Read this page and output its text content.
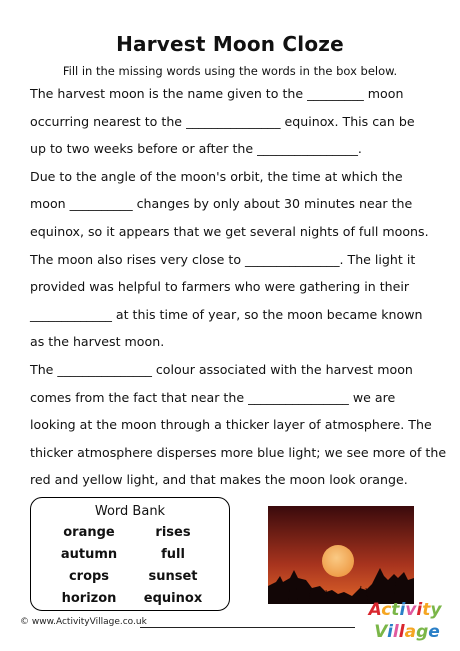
Harvest Moon Cloze
Fill in the missing words using the words in the box below.
The harvest moon is the name given to the _________ moon
occurring nearest to the _______________ equinox. This can be
up to two weeks before or after the ________________.
Due to the angle of the moon's orbit, the time at which the
moon __________ changes by only about 30 minutes near the
equinox, so it appears that we get several nights of full moons.
The moon also rises very close to _______________. The light it
provided was helpful to farmers who were gathering in their
_____________ at this time of year, so the moon became known
as the harvest moon.
The _______________ colour associated with the harvest moon
comes from the fact that near the ________________ we are
looking at the moon through a thicker layer of atmosphere. The
thicker atmosphere disperses more blue light; we see more of the
red and yellow light, and that makes the moon look orange.
Word Bank
orange	rises
autumn	full
crops	sunset
horizon	equinox
© www.ActivityVillage.co.uk
Activity
Village
